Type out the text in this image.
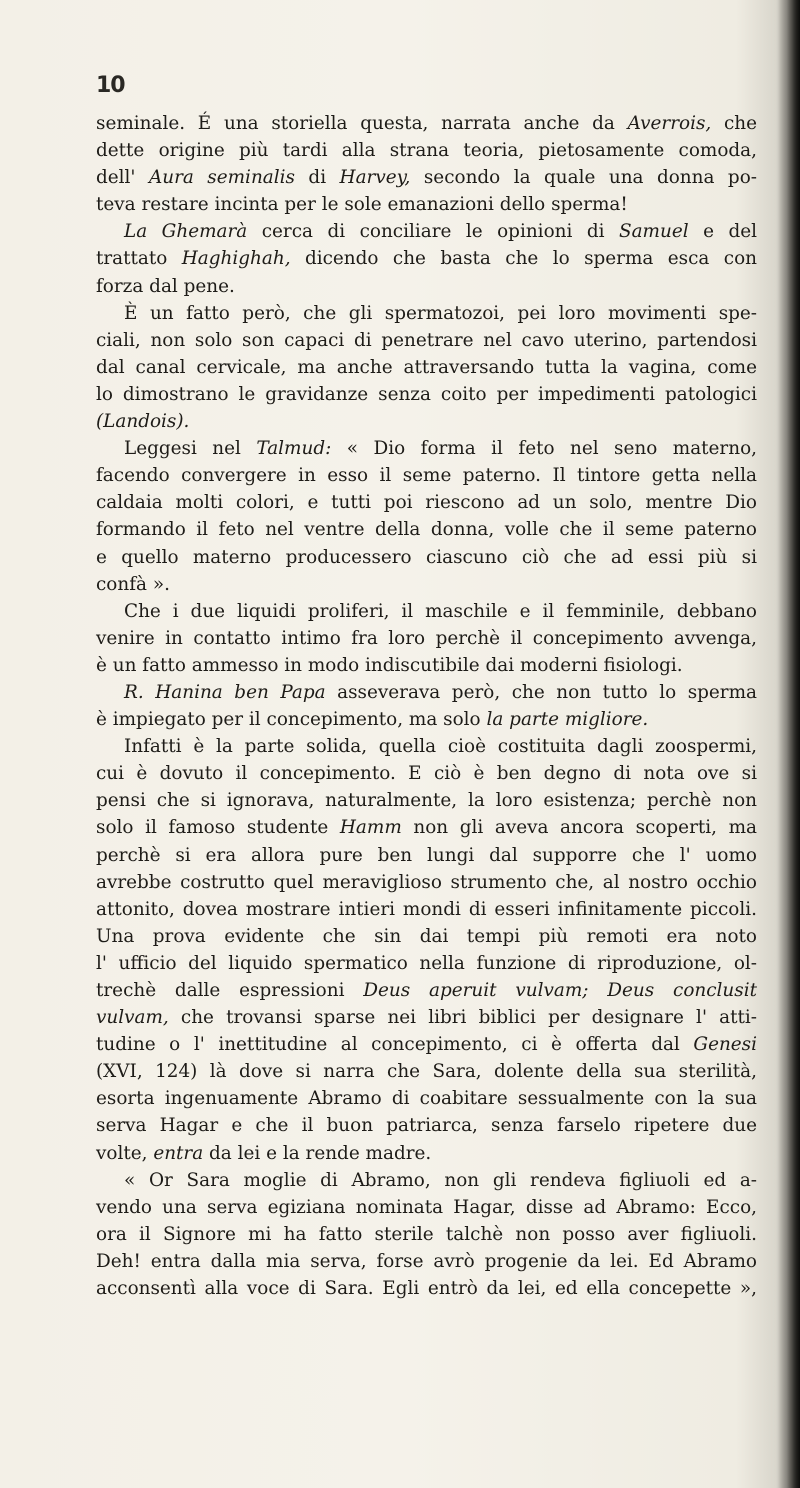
10
seminale. É una storiella questa, narrata anche da Averrois, che
dette origine più tardi alla strana teoria, pietosamente comoda,
dell' Aura seminalis di Harvey, secondo la quale una donna po-
teva restare incinta per le sole emanazioni dello sperma!
La Ghemarà cerca di conciliare le opinioni di Samuel e del
trattato Haghighah, dicendo che basta che lo sperma esca con
forza dal pene.
È un fatto però, che gli spermatozoi, pei loro movimenti spe-
ciali, non solo son capaci di penetrare nel cavo uterino, partendosi
dal canal cervicale, ma anche attraversando tutta la vagina, come
lo dimostrano le gravidanze senza coito per impedimenti patologici
(Landois).
Leggesi nel Talmud: « Dio forma il feto nel seno materno,
facendo convergere in esso il seme paterno. Il tintore getta nella
caldaia molti colori, e tutti poi riescono ad un solo, mentre Dio
formando il feto nel ventre della donna, volle che il seme paterno
e quello materno producessero ciascuno ciò che ad essi più si
confà ».
Che i due liquidi proliferi, il maschile e il femminile, debbano
venire in contatto intimo fra loro perchè il concepimento avvenga,
è un fatto ammesso in modo indiscutibile dai moderni fisiologi.
R. Hanina ben Papa asseverava però, che non tutto lo sperma
è impiegato per il concepimento, ma solo la parte migliore.
Infatti è la parte solida, quella cioè costituita dagli zoospermi,
cui è dovuto il concepimento. E ciò è ben degno di nota ove si
pensi che si ignorava, naturalmente, la loro esistenza; perchè non
solo il famoso studente Hamm non gli aveva ancora scoperti, ma
perchè si era allora pure ben lungi dal supporre che l' uomo
avrebbe costrutto quel meraviglioso strumento che, al nostro occhio
attonito, dovea mostrare intieri mondi di esseri infinitamente piccoli.
Una prova evidente che sin dai tempi più remoti era noto
l' ufficio del liquido spermatico nella funzione di riproduzione, ol-
trechè dalle espressioni Deus aperuit vulvam; Deus conclusit
vulvam, che trovansi sparse nei libri biblici per designare l' atti-
tudine o l' inettitudine al concepimento, ci è offerta dal Genesi
(XVI, 124) là dove si narra che Sara, dolente della sua sterilità,
esorta ingenuamente Abramo di coabitare sessualmente con la sua
serva Hagar e che il buon patriarca, senza farselo ripetere due
volte, entra da lei e la rende madre.
« Or Sara moglie di Abramo, non gli rendeva figliuoli ed a-
vendo una serva egiziana nominata Hagar, disse ad Abramo: Ecco,
ora il Signore mi ha fatto sterile talchè non posso aver figliuoli.
Deh! entra dalla mia serva, forse avrò progenie da lei. Ed Abramo
acconsentì alla voce di Sara. Egli entrò da lei, ed ella concepette »,
